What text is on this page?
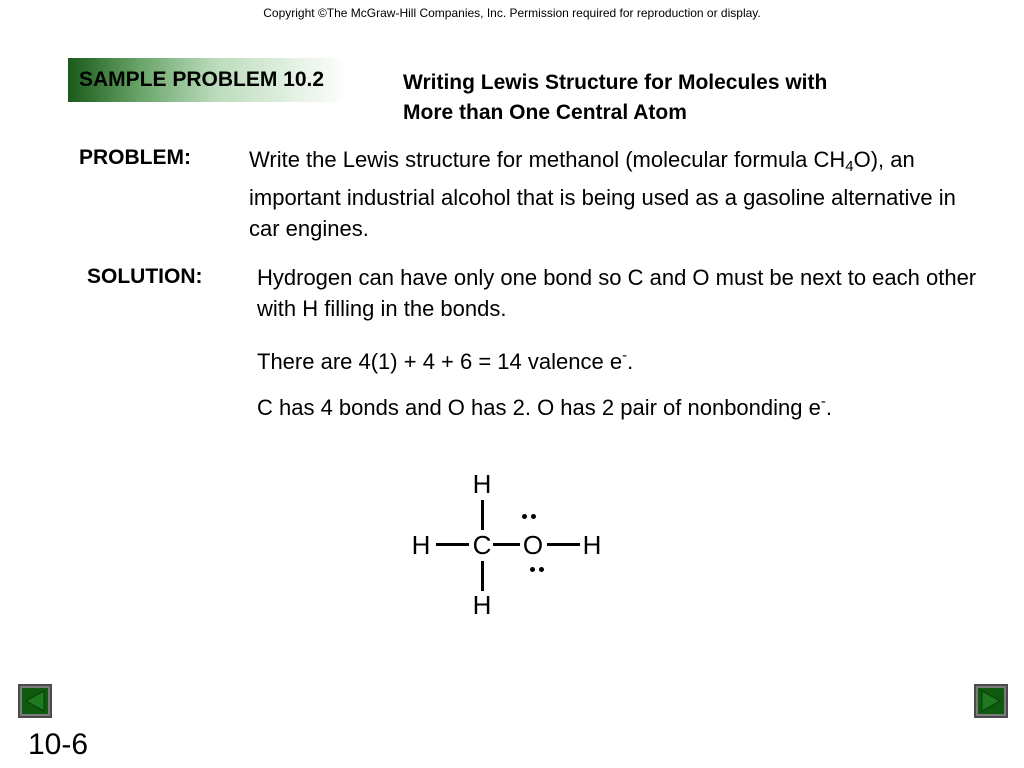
Copyright ©The McGraw-Hill Companies, Inc. Permission required for reproduction or display.
SAMPLE PROBLEM 10.2	Writing Lewis Structure for Molecules with
More than One Central Atom
PROBLEM:	Write the Lewis structure for methanol (molecular formula $CH_4O$), an important industrial alcohol that is being used as a gasoline alternative in car engines.
SOLUTION: Hydrogen can have only one bond so C and O must be next to each other with H filling in the bonds.
There are 4(1) + 4 + 6 = 14 valence e-.
C has 4 bonds and O has 2. O has 2 pair of nonbonding e-.
H
H C O H
H
10-6
